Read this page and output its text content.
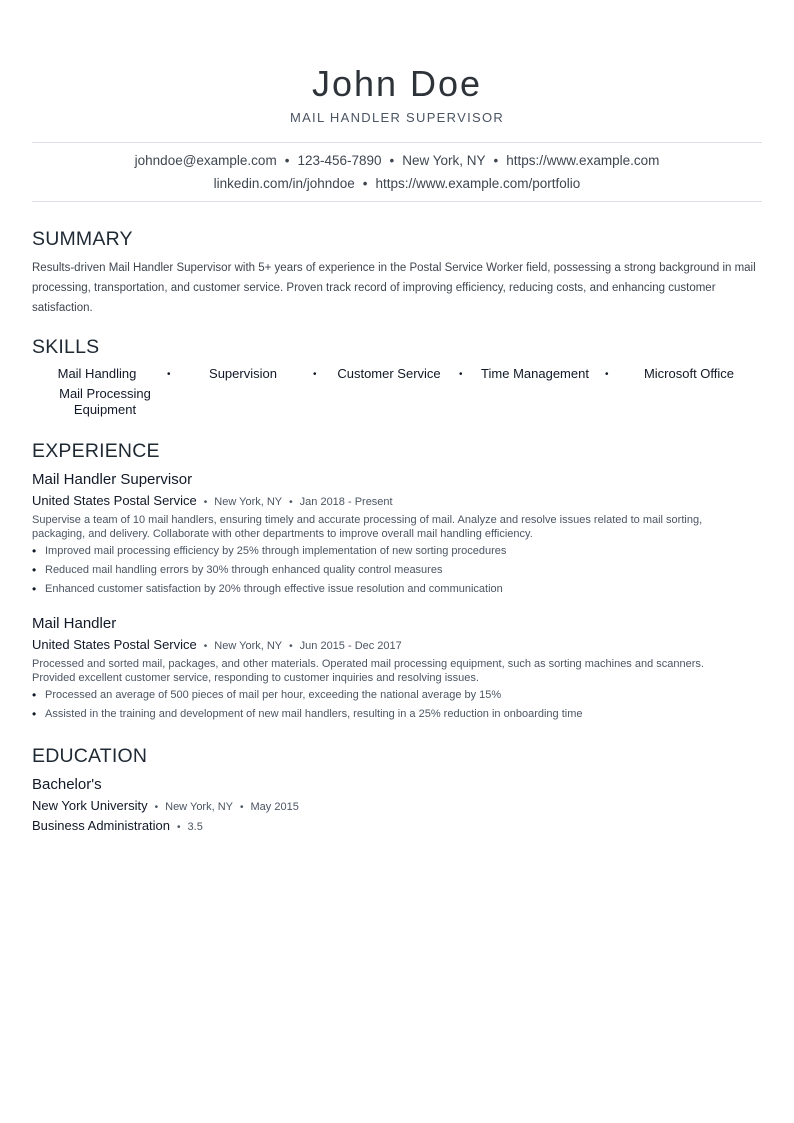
John Doe
MAIL HANDLER SUPERVISOR
johndoe@example.com • 123-456-7890 • New York, NY • https://www.example.com
linkedin.com/in/johndoe • https://www.example.com/portfolio
SUMMARY

Results-driven Mail Handler Supervisor with 5+ years of experience in the Postal Service Worker field, possessing a strong background in mail processing, transportation, and customer service. Proven track record of improving efficiency, reducing costs, and enhancing customer satisfaction.

SKILLS
Mail Handling	•	Supervision	•	Customer Service	•	Time Management	•	Microsoft Office
Mail Processing Equipment
EXPERIENCE
Mail Handler Supervisor
United States Postal Service • New York, NY • Jan 2018 - Present

Supervise a team of 10 mail handlers, ensuring timely and accurate processing of mail. Analyze and resolve issues related to mail sorting, packaging, and delivery. Collaborate with other departments to improve overall mail handling efficiency.

• Improved mail processing efficiency by 25% through implementation of new sorting procedures
• Reduced mail handling errors by 30% through enhanced quality control measures
• Enhanced customer satisfaction by 20% through effective issue resolution and communication
Mail Handler
United States Postal Service • New York, NY • Jun 2015 - Dec 2017

Processed and sorted mail, packages, and other materials. Operated mail processing equipment, such as sorting machines and scanners. Provided excellent customer service, responding to customer inquiries and resolving issues.

• Processed an average of 500 pieces of mail per hour, exceeding the national average by 15%
• Assisted in the training and development of new mail handlers, resulting in a 25% reduction in onboarding time
EDUCATION
Bachelor's
New York University • New York, NY • May 2015
Business Administration • 3.5
